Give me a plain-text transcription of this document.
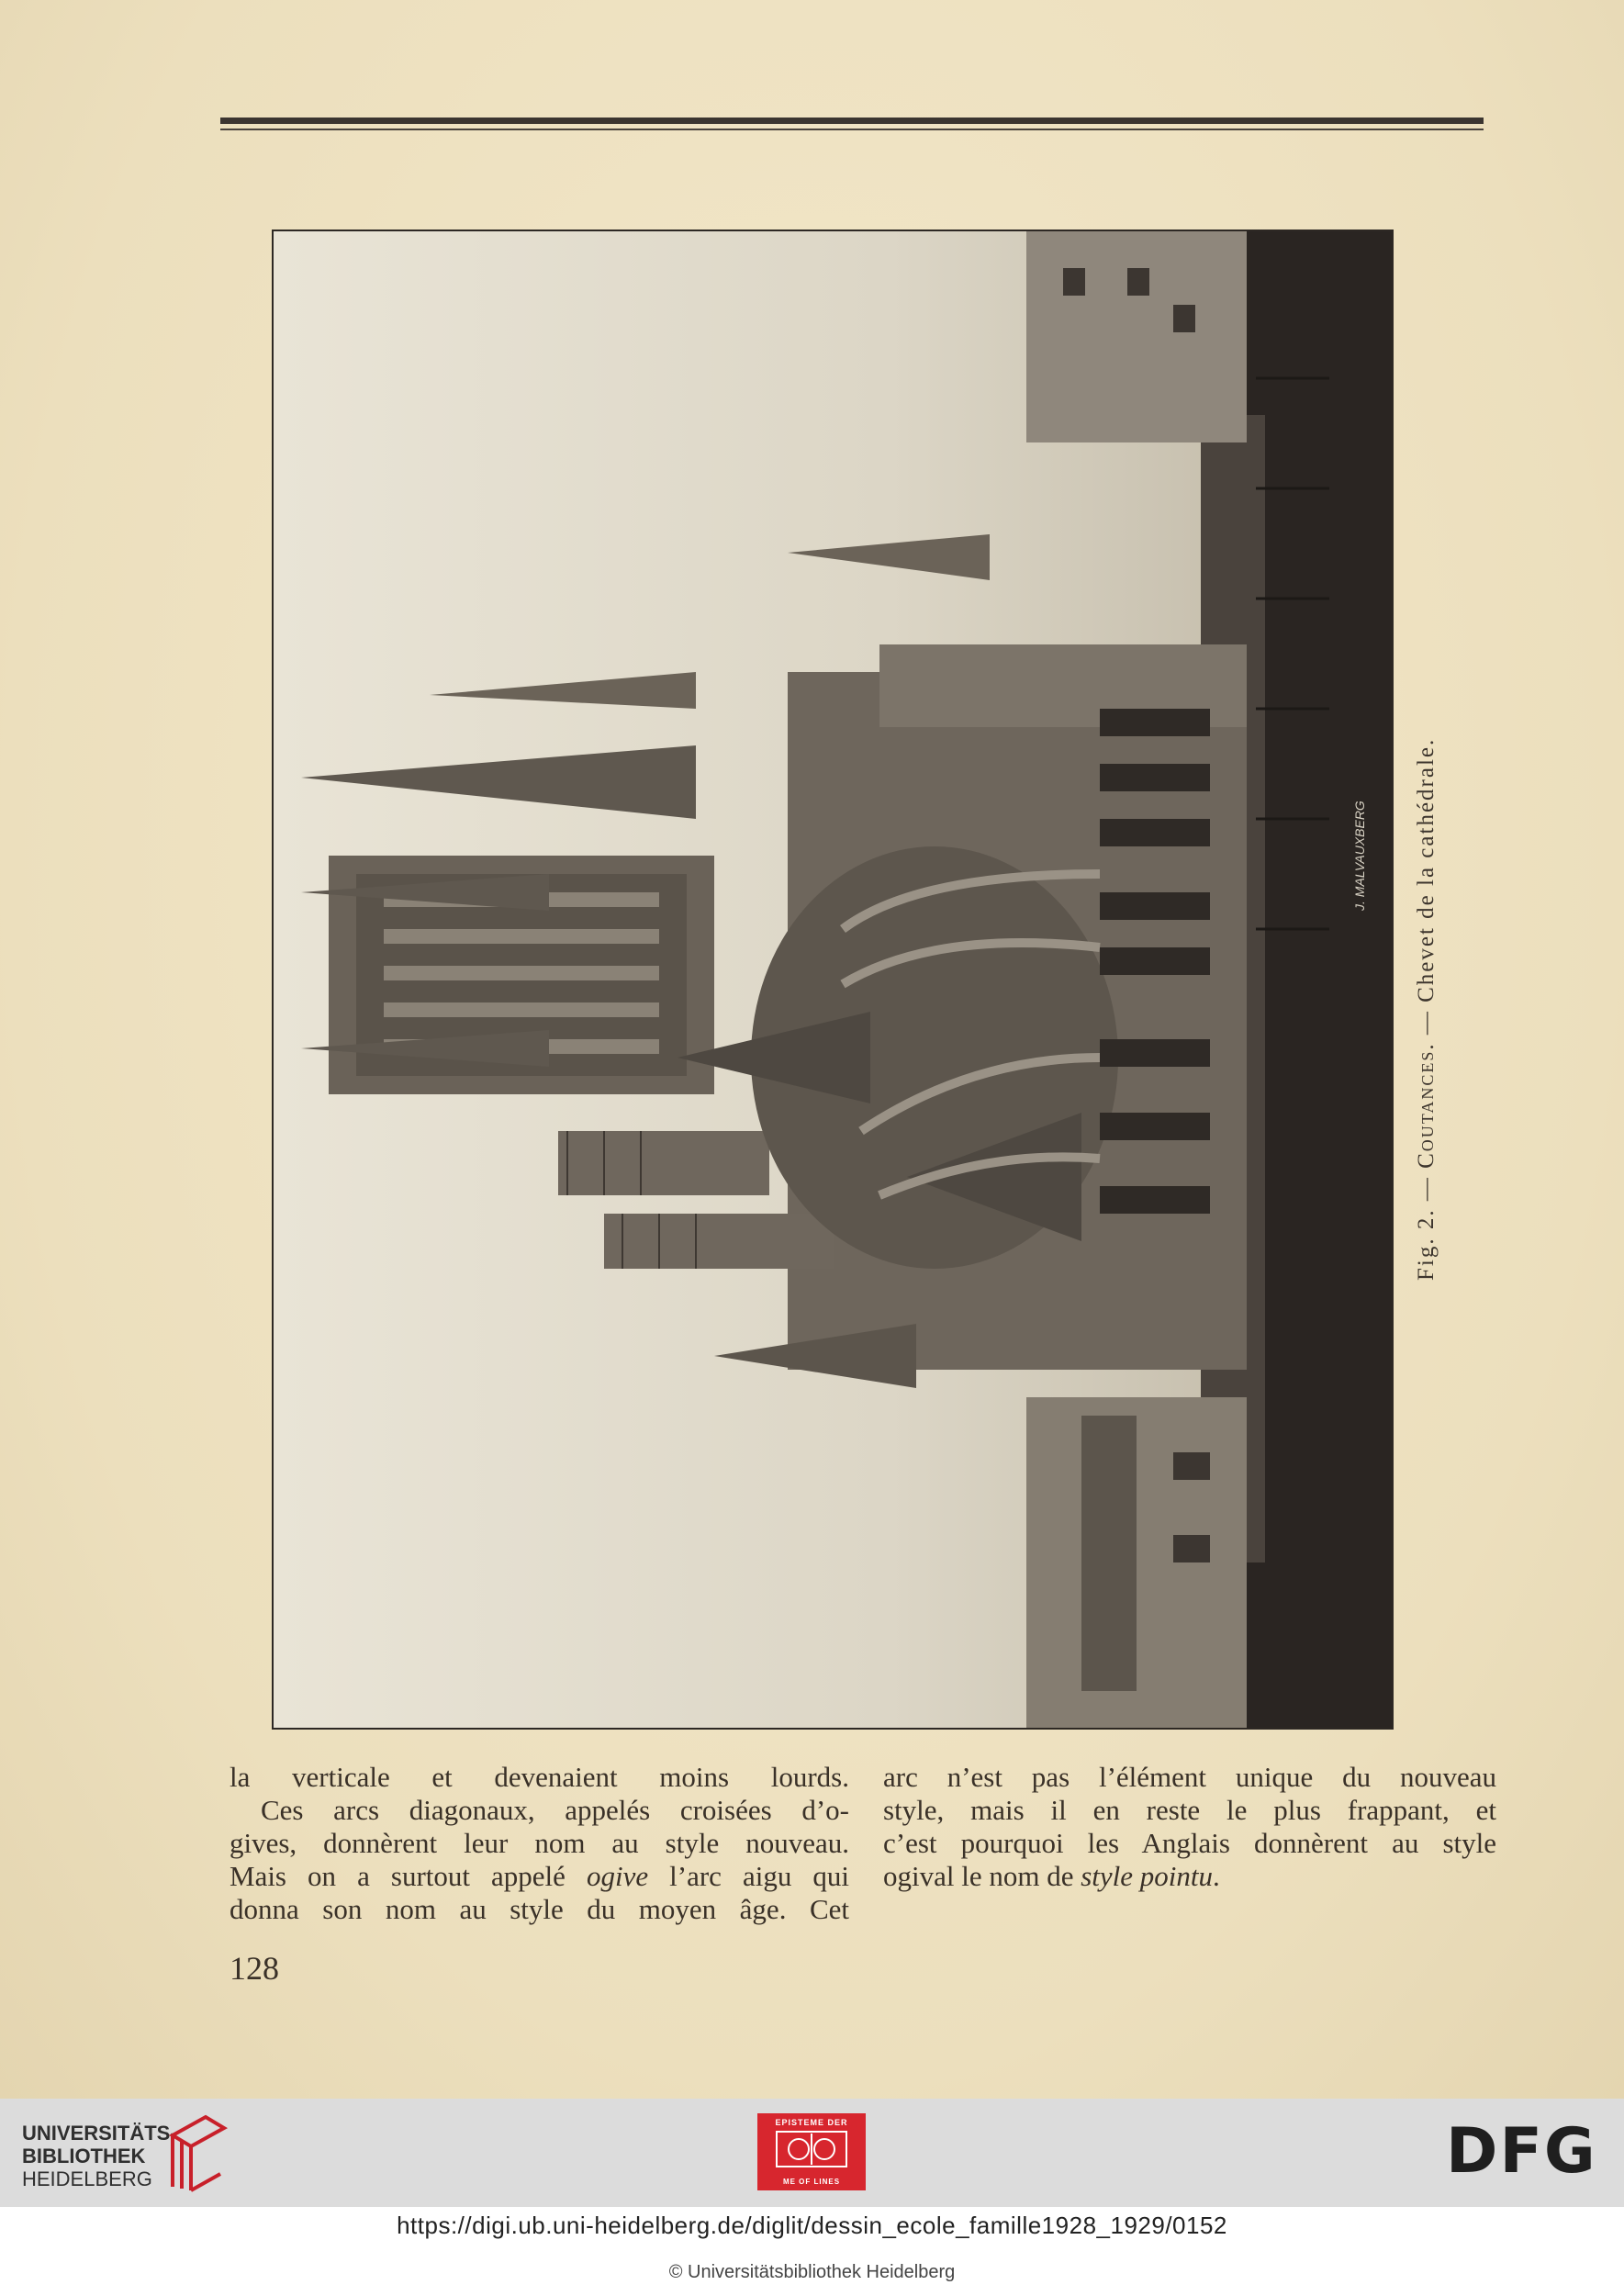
J. MALVAUXBERG
Fig. 2. — Coutances. — Chevet de la cathédrale.

la verticale et devenaient moins lourds.

Ces arcs diagonaux, appelés croisées d’o-

gives, donnèrent leur nom au style nouveau.

Mais on a surtout appelé ogive l’arc aigu qui

donna son nom au style du moyen âge. Cet

arc n’est pas l’élément unique du nouveau

style, mais il en reste le plus frappant, et

c’est pourquoi les Anglais donnèrent au style

ogival le nom de style pointu.

128
UNIVERSITÄTS-
BIBLIOTHEK
HEIDELBERG
EPISTEME DER
ME OF LINES	DFG
https://digi.ub.uni-heidelberg.de/diglit/dessin_ecole_famille1928_1929/0152
© Universitätsbibliothek Heidelberg
